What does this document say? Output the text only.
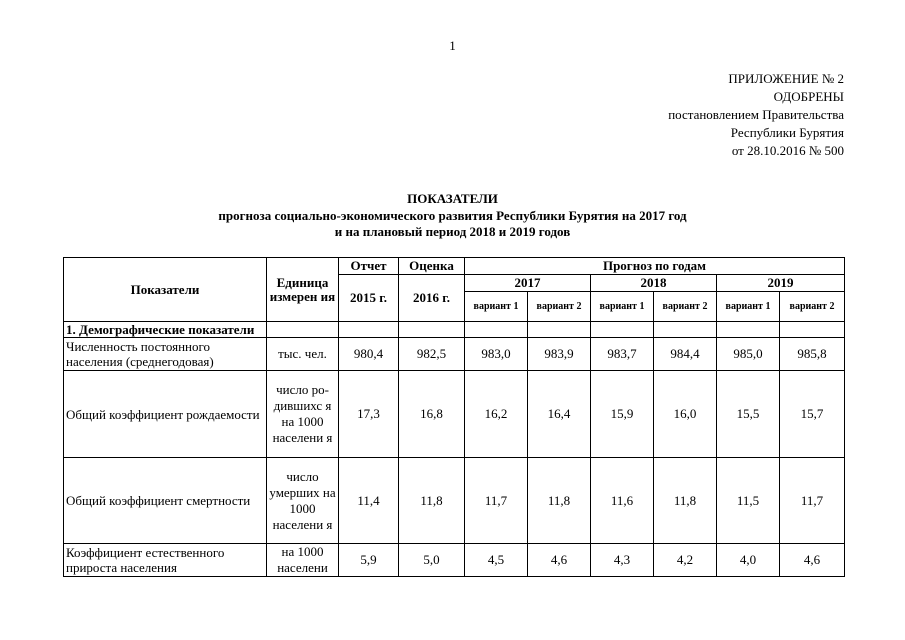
1
ПРИЛОЖЕНИЕ № 2
ОДОБРЕНЫ
постановлением Правительства
Республики Бурятия
от 28.10.2016 № 500
ПОКАЗАТЕЛИ
прогноза социально-экономического развития Республики Бурятия на 2017 год
и на плановый период 2018 и 2019 годов
Показатели	Единица измерен ия	Отчет	Оценка	Прогноз по годам					
		2015 г.	2016 г.	2017		2018		2019	
				вариант 1	вариант 2	вариант 1	вариант 2	вариант 1	вариант 2
1. Демографические показатели									
Численность постоянного населения (среднегодовая)	тыс. чел.	980,4	982,5	983,0	983,9	983,7	984,4	985,0	985,8
Общий коэффициент рождаемости	число ро-дившихс я на 1000 населени я	17,3	16,8	16,2	16,4	15,9	16,0	15,5	15,7
Общий коэффициент смертности	число умерших на 1000 населени я	11,4	11,8	11,7	11,8	11,6	11,8	11,5	11,7
Коэффициент естественного прироста населения	на 1000 населени	5,9	5,0	4,5	4,6	4,3	4,2	4,0	4,6
